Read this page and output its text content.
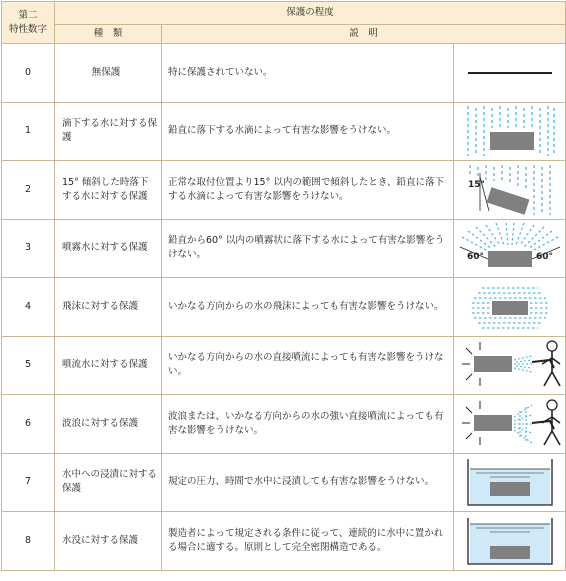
第二
特性数字	保護の程度		
	種　類	説　明	
0	無保護	特に保護されていない。	

1	滴下する水に対する保護	鉛直に落下する水滴によって有害な影響をうけない。	

2	15° 傾斜した時落下する水に対する保護	正常な取付位置より15° 以内の範囲で傾斜したとき、鉛直に落下する水滴によって有害な影響をうけない。	15°

3	噴霧水に対する保護	鉛直から60° 以内の噴霧状に落下する水によって有害な影響をうけない。	60° 60°

4	飛沫に対する保護	いかなる方向からの水の飛沫によっても有害な影響をうけない。	

5	噴流水に対する保護	いかなる方向からの水の直接噴流によっても有害な影響をうけない。	

6	波浪に対する保護	波浪または、いかなる方向からの水の強い直接噴流によっても有害な影響をうけない。	

7	水中への浸漬に対する保護	規定の圧力、時間で水中に浸漬しても有害な影響をうけない。	

8	水没に対する保護	製造者によって規定される条件に従って、連続的に水中に置かれる場合に適する。原則として完全密閉構造である。	
